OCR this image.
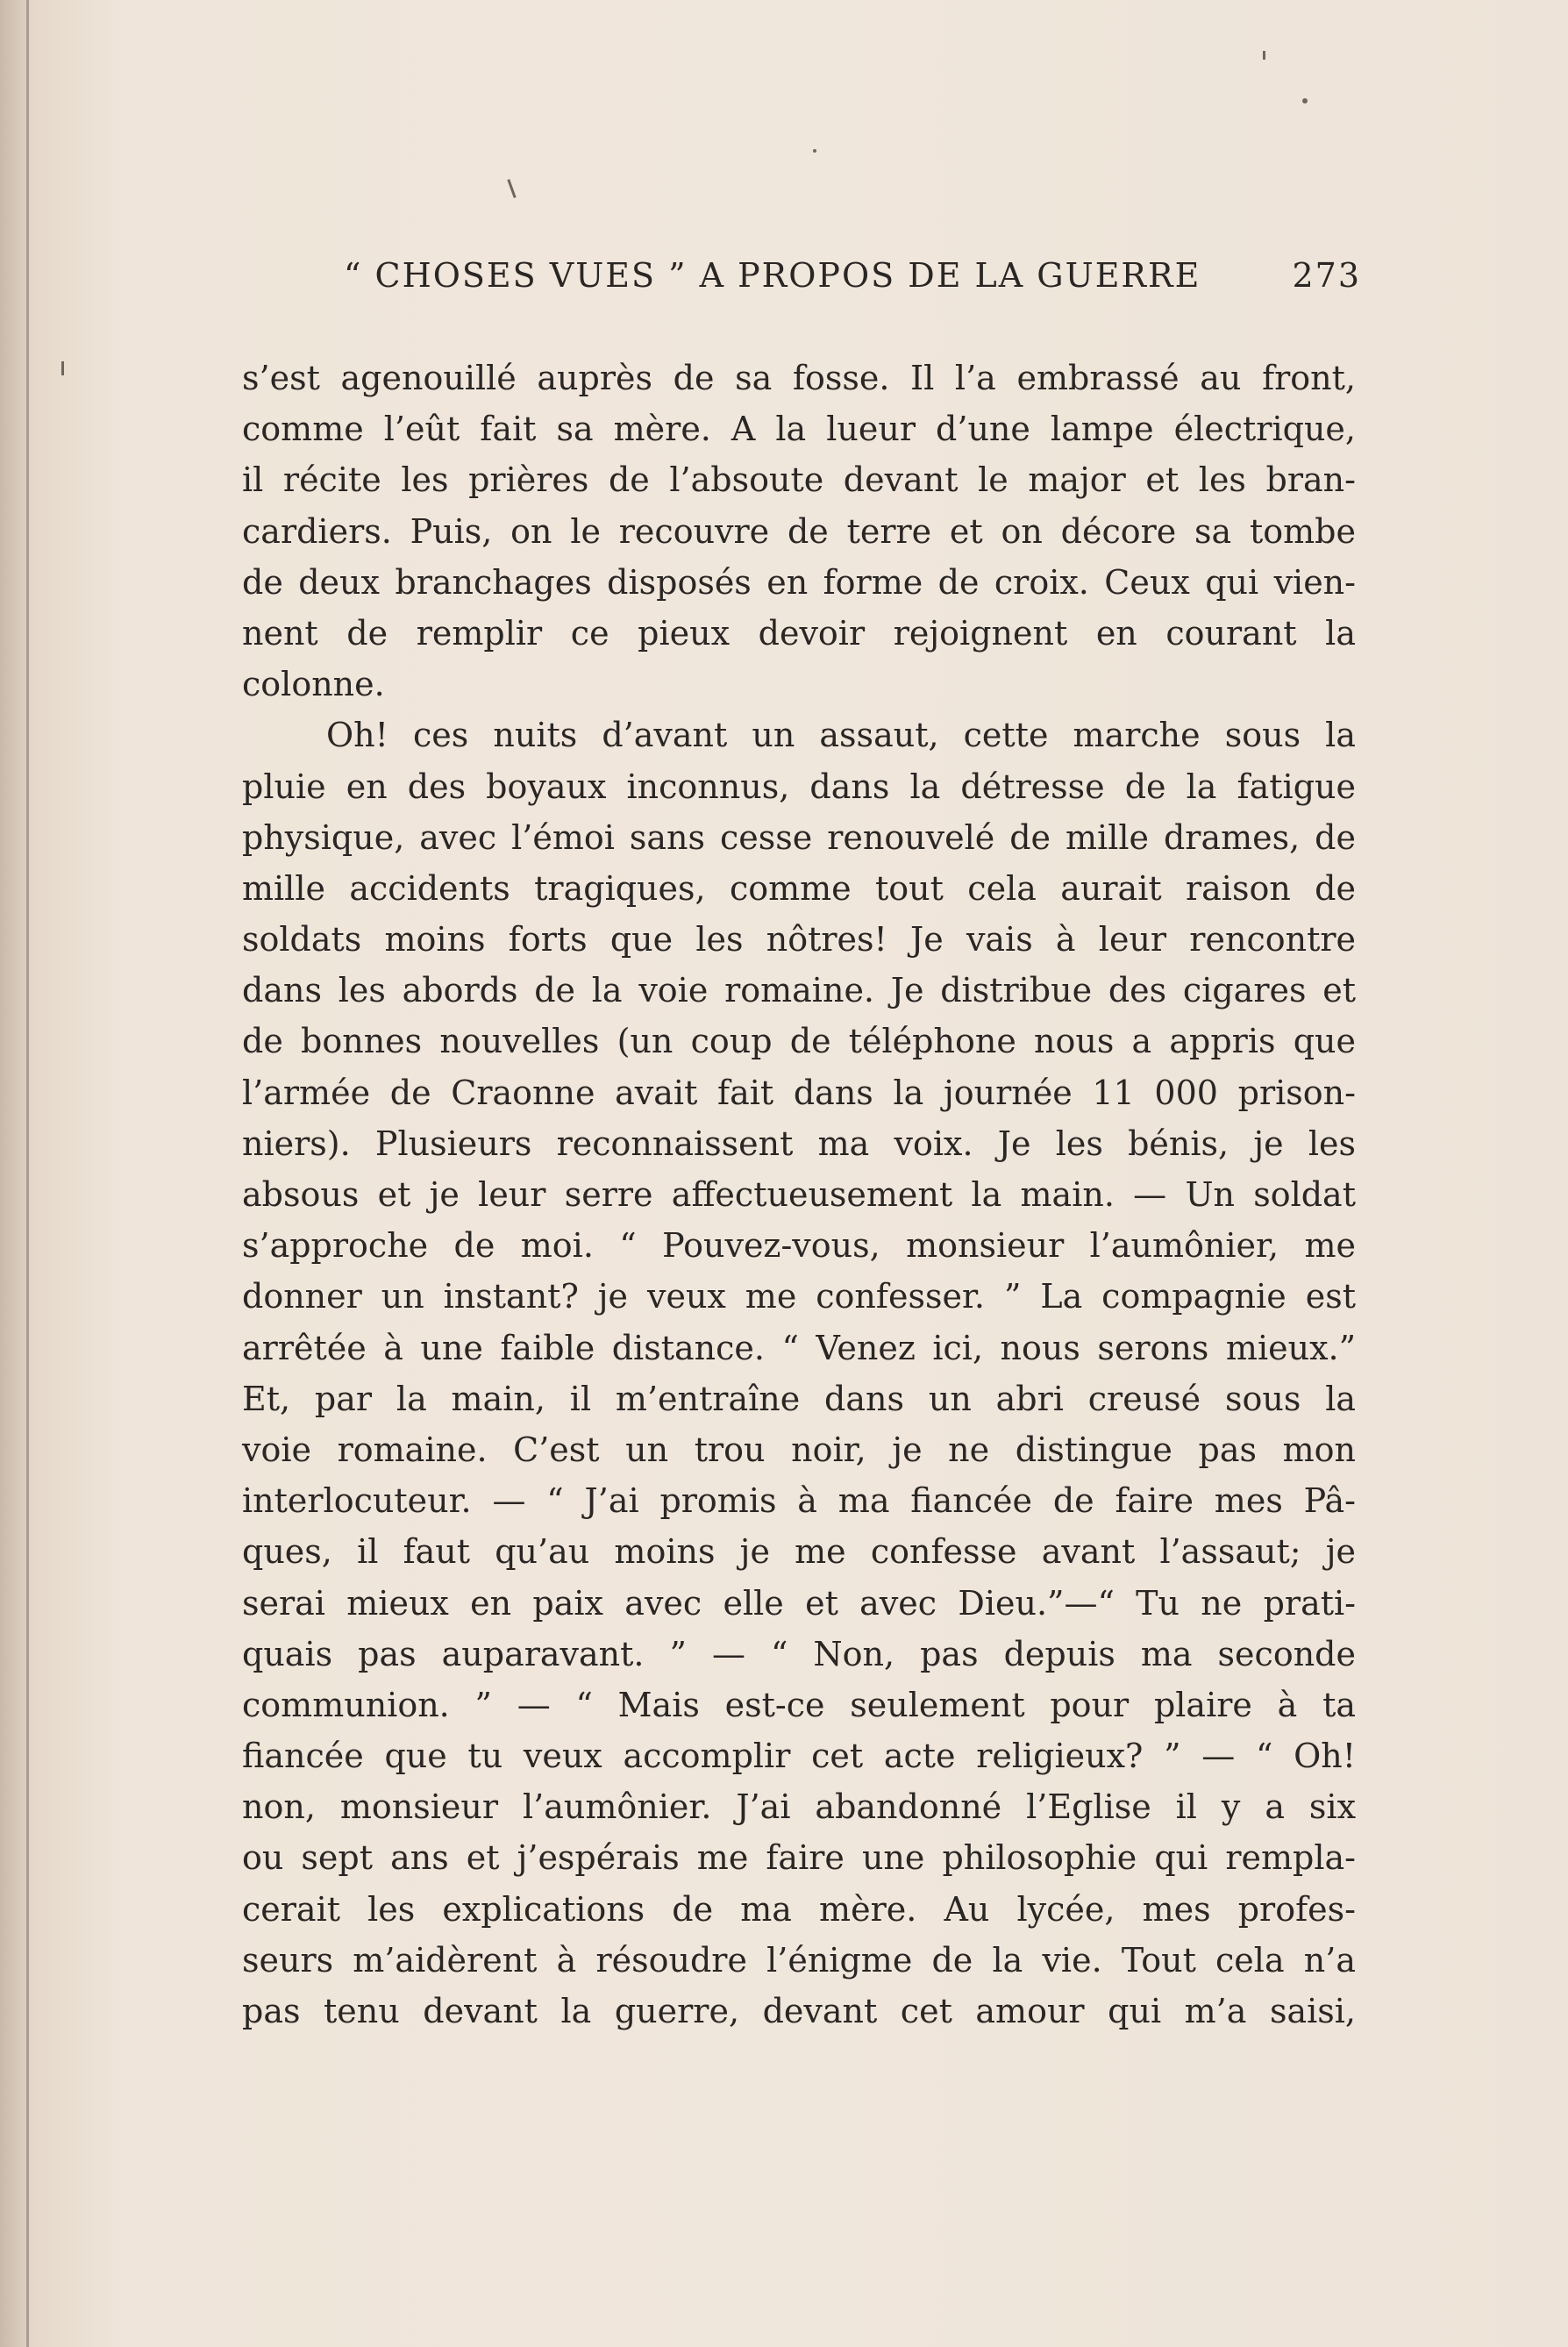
“ CHOSES VUES ” A PROPOS DE LA GUERRE	273
s’est agenouillé auprès de sa fosse. Il l’a embrassé au front,
comme l’eût fait sa mère. A la lueur d’une lampe électrique,
il récite les prières de l’absoute devant le major et les bran-
cardiers. Puis, on le recouvre de terre et on décore sa tombe
de deux branchages disposés en forme de croix. Ceux qui vien-
nent de remplir ce pieux devoir rejoignent en courant la
colonne.
Oh! ces nuits d’avant un assaut, cette marche sous la
pluie en des boyaux inconnus, dans la détresse de la fatigue
physique, avec l’émoi sans cesse renouvelé de mille drames, de
mille accidents tragiques, comme tout cela aurait raison de
soldats moins forts que les nôtres! Je vais à leur rencontre
dans les abords de la voie romaine. Je distribue des cigares et
de bonnes nouvelles (un coup de téléphone nous a appris que
l’armée de Craonne avait fait dans la journée 11 000 prison-
niers). Plusieurs reconnaissent ma voix. Je les bénis, je les
absous et je leur serre affectueusement la main. — Un soldat
s’approche de moi. “ Pouvez-vous, monsieur l’aumônier, me
donner un instant? je veux me confesser. ” La compagnie est
arrêtée à une faible distance. “ Venez ici, nous serons mieux.”
Et, par la main, il m’entraîne dans un abri creusé sous la
voie romaine. C’est un trou noir, je ne distingue pas mon
interlocuteur. — “ J’ai promis à ma fiancée de faire mes Pâ-
ques, il faut qu’au moins je me confesse avant l’assaut; je
serai mieux en paix avec elle et avec Dieu.”—“ Tu ne prati-
quais pas auparavant. ” — “ Non, pas depuis ma seconde
communion. ” — “ Mais est-ce seulement pour plaire à ta
fiancée que tu veux accomplir cet acte religieux? ” — “ Oh!
non, monsieur l’aumônier. J’ai abandonné l’Eglise il y a six
ou sept ans et j’espérais me faire une philosophie qui rempla-
cerait les explications de ma mère. Au lycée, mes profes-
seurs m’aidèrent à résoudre l’énigme de la vie. Tout cela n’a
pas tenu devant la guerre, devant cet amour qui m’a saisi,
